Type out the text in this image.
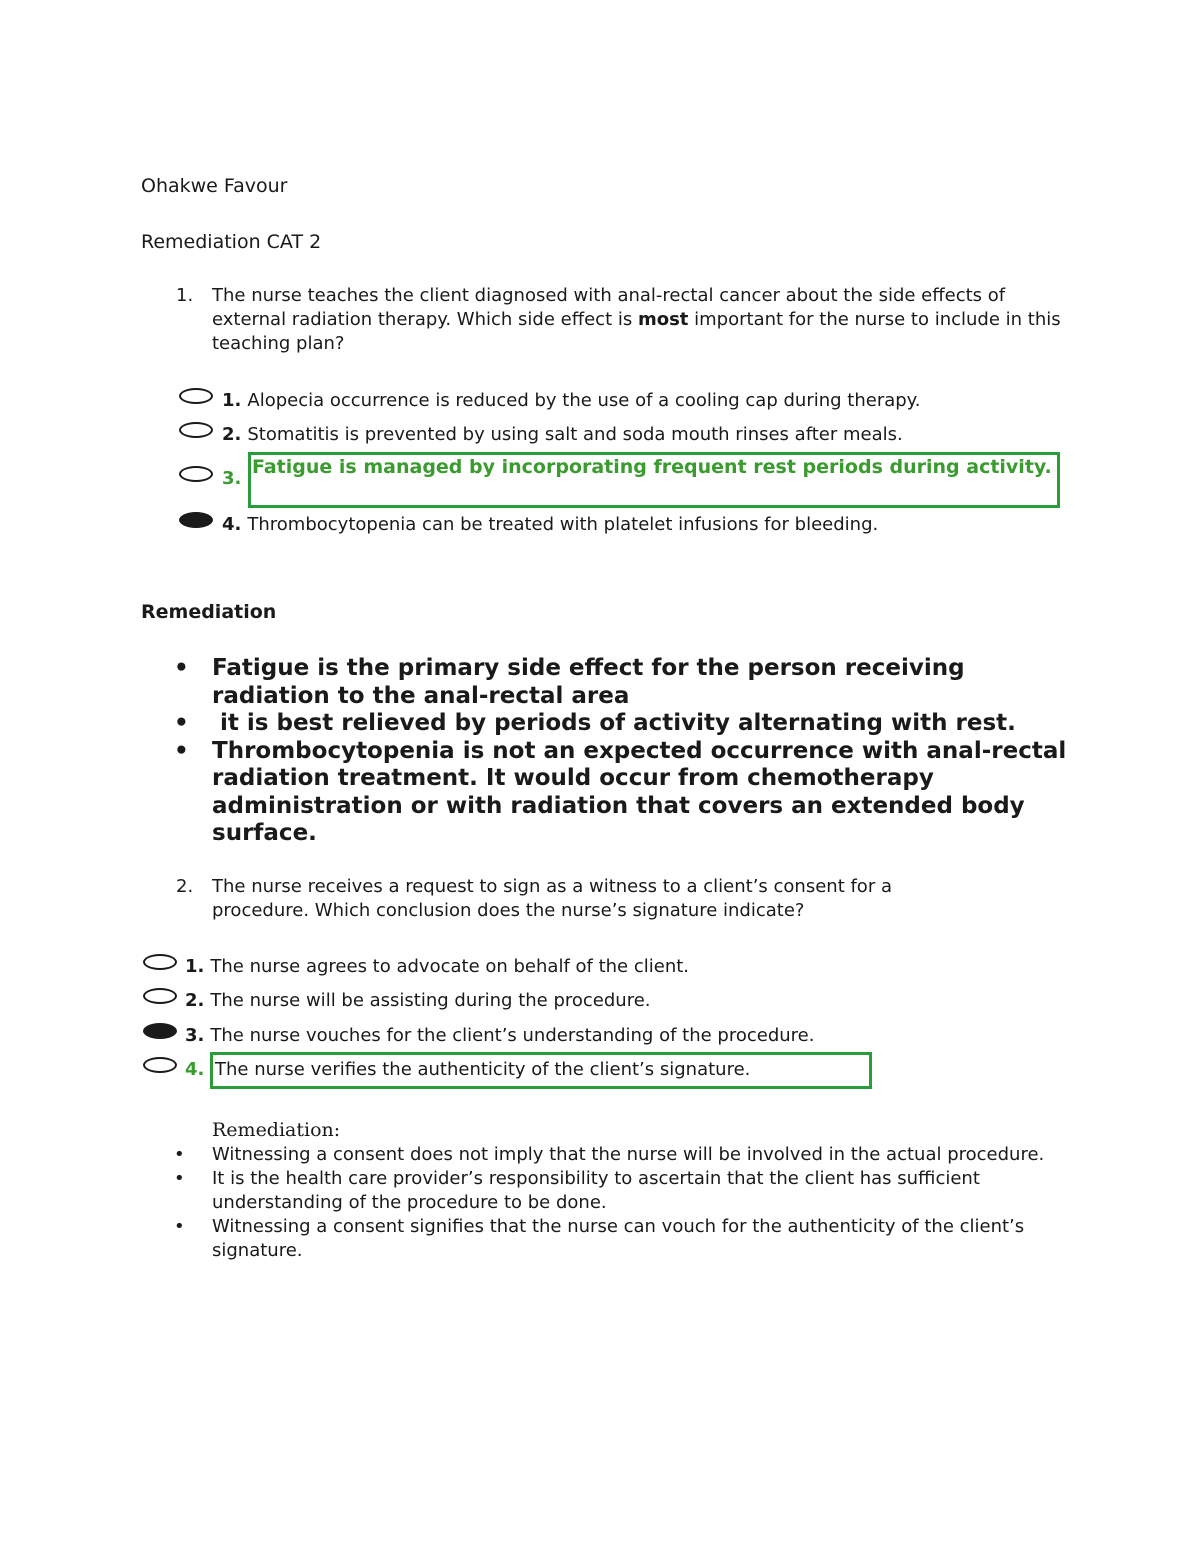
Ohakwe Favour
Remediation CAT 2
1. The nurse teaches the client diagnosed with anal-rectal cancer about the side effects of external radiation therapy. Which side effect is most important for the nurse to include in this teaching plan?
1. Alopecia occurrence is reduced by the use of a cooling cap during therapy.
2. Stomatitis is prevented by using salt and soda mouth rinses after meals.
3.
Fatigue is managed by incorporating frequent rest periods during activity.
4. Thrombocytopenia can be treated with platelet infusions for bleeding.
Remediation

• Fatigue is the primary side effect for the person receiving radiation to the anal-rectal area

•  it is best relieved by periods of activity alternating with rest.

• Thrombocytopenia is not an expected occurrence with anal-rectal radiation treatment. It would occur from chemotherapy administration or with radiation that covers an extended body surface.

2. The nurse receives a request to sign as a witness to a client’s consent for a procedure. Which conclusion does the nurse’s signature indicate?
1. The nurse agrees to advocate on behalf of the client.
2. The nurse will be assisting during the procedure.
3. The nurse vouches for the client’s understanding of the procedure.
4. The nurse verifies the authenticity of the client’s signature.
Remediation:

• Witnessing a consent does not imply that the nurse will be involved in the actual procedure.

• It is the health care provider’s responsibility to ascertain that the client has sufficient understanding of the procedure to be done.

• Witnessing a consent signifies that the nurse can vouch for the authenticity of the client’s signature.
